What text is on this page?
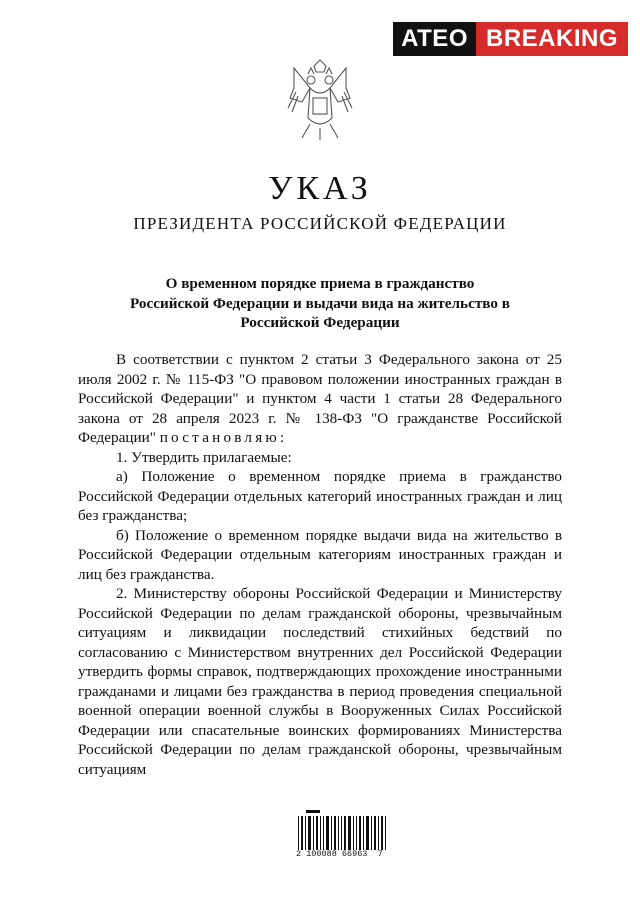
ATEO BREAKING
УКАЗ
ПРЕЗИДЕНТА РОССИЙСКОЙ ФЕДЕРАЦИИ
О временном порядке приема в гражданство
Российской Федерации и выдачи вида на жительство в
Российской Федерации

В соответствии с пунктом 2 статьи 3 Федерального закона от 25 июля 2002 г. № 115-ФЗ "О правовом положении иностранных граждан в Российской Федерации" и пунктом 4 части 1 статьи 28 Федерального закона от 28 апреля 2023 г. № 138-ФЗ "О гражданстве Российской Федерации" постановляю:

1. Утвердить прилагаемые:

а) Положение о временном порядке приема в гражданство Российской Федерации отдельных категорий иностранных граждан и лиц без гражданства;

б) Положение о временном порядке выдачи вида на жительство в Российской Федерации отдельным категориям иностранных граждан и лиц без гражданства.

2. Министерству обороны Российской Федерации и Министерству Российской Федерации по делам гражданской обороны, чрезвычайным ситуациям и ликвидации последствий стихийных бедствий по согласованию с Министерством внутренних дел Российской Федерации утвердить формы справок, подтверждающих прохождение иностранными гражданами и лицами без гражданства в период проведения специальной военной операции военной службы в Вооруженных Силах Российской Федерации или спасательные воинских формированиях Министерства Российской Федерации по делам гражданской обороны, чрезвычайным ситуациям

2 100088 66963  7
